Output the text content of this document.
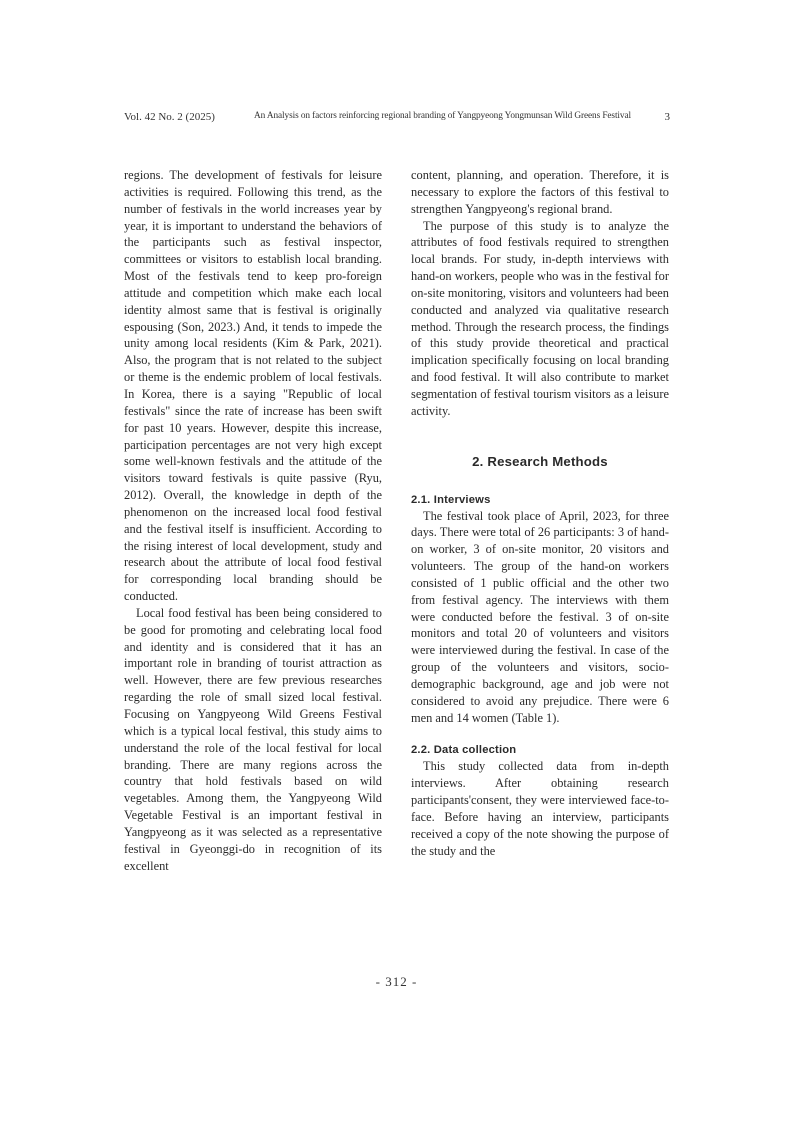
Vol. 42 No. 2 (2025)	An Analysis on factors reinforcing regional branding of Yangpyeong Yongmunsan Wild Greens Festival	3

regions. The development of festivals for leisure activities is required. Following this trend, as the number of festivals in the world increases year by year, it is important to understand the behaviors of the participants such as festival inspector, committees or visitors to establish local branding. Most of the festivals tend to keep pro-foreign attitude and competition which make each local identity almost same that is festival is originally espousing (Son, 2023.) And, it tends to impede the unity among local residents (Kim & Park, 2021). Also, the program that is not related to the subject or theme is the endemic problem of local festivals. In Korea, there is a saying "Republic of local festivals" since the rate of increase has been swift for past 10 years. However, despite this increase, participation percentages are not very high except some well-known festivals and the attitude of the visitors toward festivals is quite passive (Ryu, 2012). Overall, the knowledge in depth of the phenomenon on the increased local food festival and the festival itself is insufficient. According to the rising interest of local development, study and research about the attribute of local food festival for corresponding local branding should be conducted.

Local food festival has been being considered to be good for promoting and celebrating local food and identity and is considered that it has an important role in branding of tourist attraction as well. However, there are few previous researches regarding the role of small sized local festival. Focusing on Yangpyeong Wild Greens Festival which is a typical local festival, this study aims to understand the role of the local festival for local branding. There are many regions across the country that hold festivals based on wild vegetables. Among them, the Yangpyeong Wild Vegetable Festival is an important festival in Yangpyeong as it was selected as a representative festival in Gyeonggi-do in recognition of its excellent

content, planning, and operation. Therefore, it is necessary to explore the factors of this festival to strengthen Yangpyeong's regional brand.

The purpose of this study is to analyze the attributes of food festivals required to strengthen local brands. For study, in-depth interviews with hand-on workers, people who was in the festival for on-site monitoring, visitors and volunteers had been conducted and analyzed via qualitative research method. Through the research process, the findings of this study provide theoretical and practical implication specifically focusing on local branding and food festival. It will also contribute to market segmentation of festival tourism visitors as a leisure activity.

2. Research Methods
2.1. Interviews

The festival took place of April, 2023, for three days. There were total of 26 participants: 3 of hand-on worker, 3 of on-site monitor, 20 visitors and volunteers. The group of the hand-on workers consisted of 1 public official and the other two from festival agency. The interviews with them were conducted before the festival. 3 of on-site monitors and total 20 of volunteers and visitors were interviewed during the festival. In case of the group of the volunteers and visitors, socio-demographic background, age and job were not considered to avoid any prejudice. There were 6 men and 14 women (Table 1).

2.2. Data collection

This study collected data from in-depth interviews. After obtaining research participants'consent, they were interviewed face-to-face. Before having an interview, participants received a copy of the note showing the purpose of the study and the

- 312 -
